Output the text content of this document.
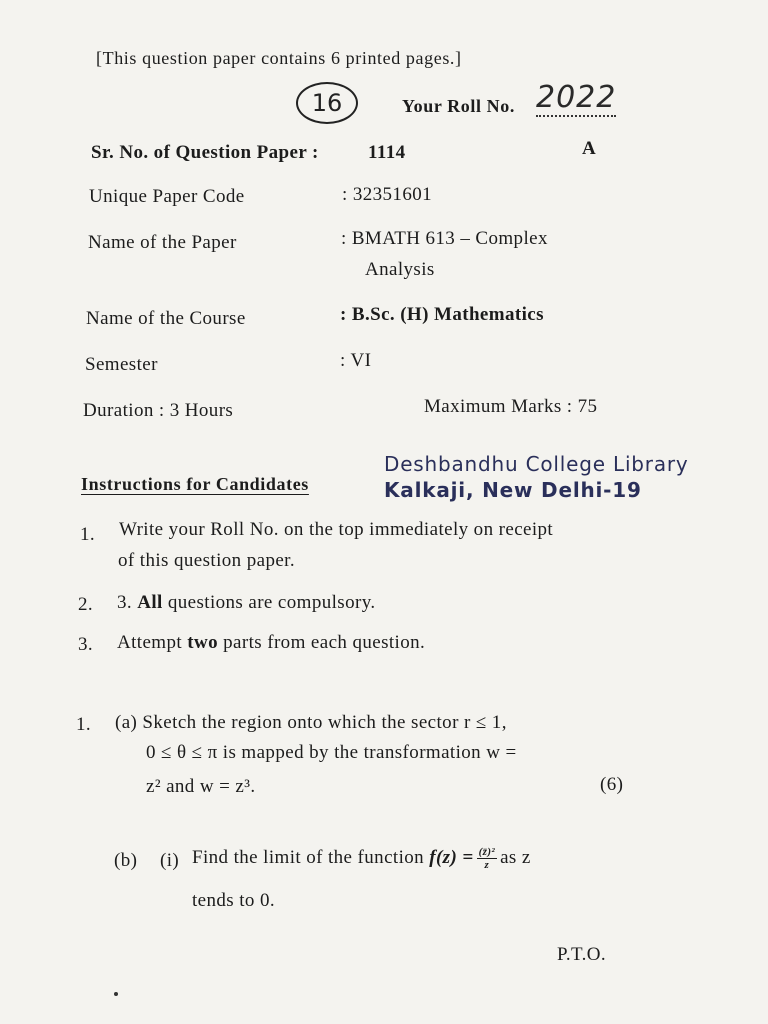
[This question paper contains 6 printed pages.]
16	Your Roll No. 2022
Sr. No. of Question Paper :	1114	A
Unique Paper Code	: 32351601
Name of the Paper	: BMATH 613 – Complex
Analysis
Name of the Course	: B.Sc. (H) Mathematics
Semester	: VI
Duration : 3 Hours	Maximum Marks : 75
Deshbandhu College Library
Kalkaji, New Delhi-19
Instructions for Candidates
1. Write your Roll No. on the top immediately on receipt
of this question paper.
2. 3. All questions are compulsory.
3. Attempt two parts from each question.
1. (a) Sketch the region onto which the sector r ≤ 1,
0 ≤ θ ≤ π is mapped by the transformation w =
z² and w = z³.	(6)
(b) (i) Find the limit of the function
$f(z) = \frac{\text{(z̄)²}}{z}$ as z
tends to 0.
P.T.O.
